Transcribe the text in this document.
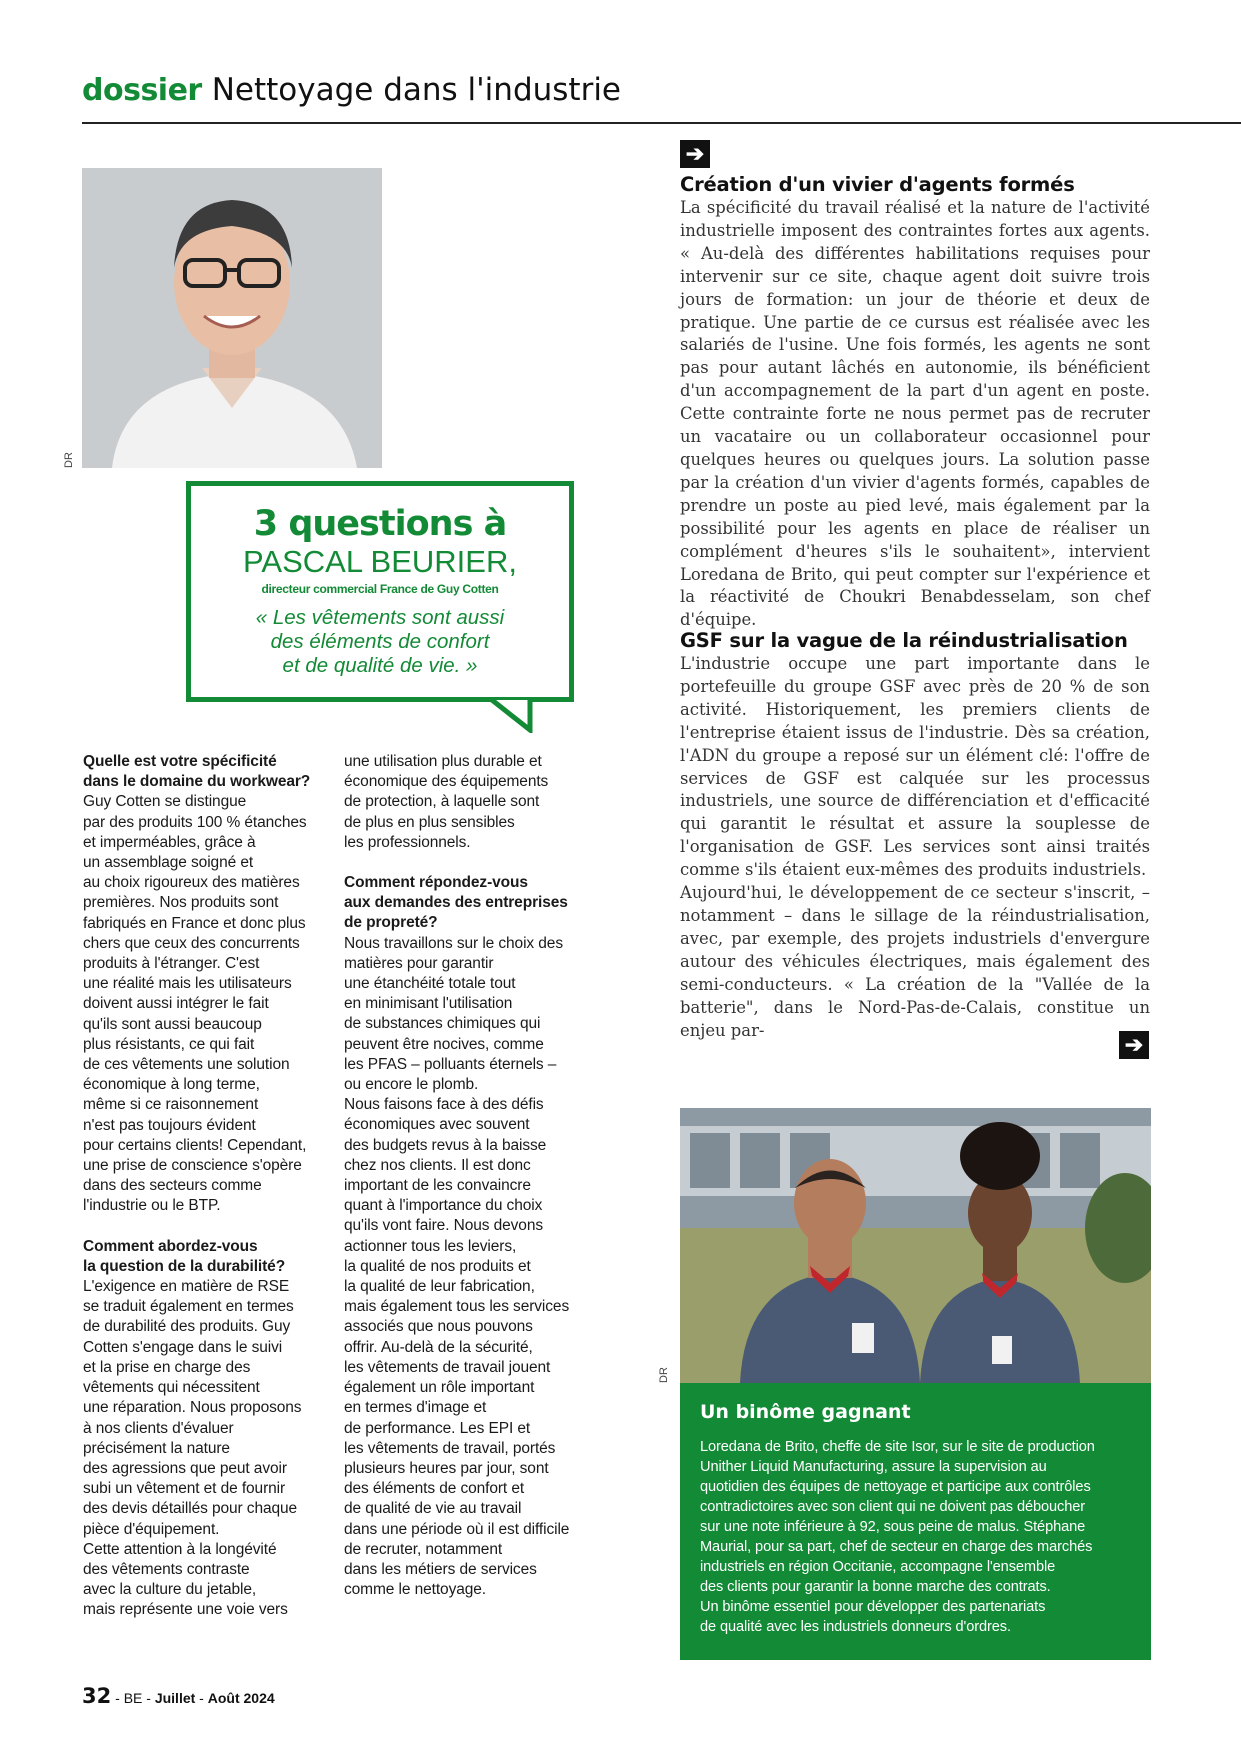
dossier Nettoyage dans l'industrie
DR
3 questions à
PASCAL BEURIER,
directeur commercial France de Guy Cotten
« Les vêtements sont aussi
des éléments de confort
et de qualité de vie. »

Quelle est votre spécificité

dans le domaine du workwear?

Guy Cotten se distingue

par des produits 100 % étanches

et imperméables, grâce à

un assemblage soigné et

au choix rigoureux des matières

premières. Nos produits sont

fabriqués en France et donc plus

chers que ceux des concurrents

produits à l'étranger. C'est

une réalité mais les utilisateurs

doivent aussi intégrer le fait

qu'ils sont aussi beaucoup

plus résistants, ce qui fait

de ces vêtements une solution

économique à long terme,

même si ce raisonnement

n'est pas toujours évident

pour certains clients! Cependant,

une prise de conscience s'opère

dans des secteurs comme

l'industrie ou le BTP.

Comment abordez-vous

la question de la durabilité?

L'exigence en matière de RSE

se traduit également en termes

de durabilité des produits. Guy

Cotten s'engage dans le suivi

et la prise en charge des

vêtements qui nécessitent

une réparation. Nous proposons

à nos clients d'évaluer

précisément la nature

des agressions que peut avoir

subi un vêtement et de fournir

des devis détaillés pour chaque

pièce d'équipement.

Cette attention à la longévité

des vêtements contraste

avec la culture du jetable,

mais représente une voie vers

une utilisation plus durable et

économique des équipements

de protection, à laquelle sont

de plus en plus sensibles

les professionnels.

Comment répondez-vous

aux demandes des entreprises

de propreté?

Nous travaillons sur le choix des

matières pour garantir

une étanchéité totale tout

en minimisant l'utilisation

de substances chimiques qui

peuvent être nocives, comme

les PFAS – polluants éternels –

ou encore le plomb.

Nous faisons face à des défis

économiques avec souvent

des budgets revus à la baisse

chez nos clients. Il est donc

important de les convaincre

quant à l'importance du choix

qu'ils vont faire. Nous devons

actionner tous les leviers,

la qualité de nos produits et

la qualité de leur fabrication,

mais également tous les services

associés que nous pouvons

offrir. Au-delà de la sécurité,

les vêtements de travail jouent

également un rôle important

en termes d'image et

de performance. Les EPI et

les vêtements de travail, portés

plusieurs heures par jour, sont

des éléments de confort et

de qualité de vie au travail

dans une période où il est difficile

de recruter, notamment

dans les métiers de services

comme le nettoyage.

➔
Création d'un vivier d'agents formés

La spécificité du travail réalisé et la nature de l'activité industrielle imposent des contraintes fortes aux agents. « Au-delà des différentes habilitations requises pour intervenir sur ce site, chaque agent doit suivre trois jours de formation: un jour de théorie et deux de pratique. Une partie de ce cursus est réalisée avec les salariés de l'usine. Une fois formés, les agents ne sont pas pour autant lâchés en autonomie, ils bénéficient d'un accompagnement de la part d'un agent en poste. Cette contrainte forte ne nous permet pas de recruter un vacataire ou un collaborateur occasionnel pour quelques heures ou quelques jours. La solution passe par la création d'un vivier d'agents formés, capables de prendre un poste au pied levé, mais également par la possibilité pour les agents en place de réaliser un complément d'heures s'ils le souhaitent», intervient Loredana de Brito, qui peut compter sur l'expérience et la réactivité de Choukri Benabdesselam, son chef d'équipe.

GSF sur la vague de la réindustrialisation

L'industrie occupe une part importante dans le portefeuille du groupe GSF avec près de 20 % de son activité. Historiquement, les premiers clients de l'entreprise étaient issus de l'industrie. Dès sa création, l'ADN du groupe a reposé sur un élément clé: l'offre de services de GSF est calquée sur les processus industriels, une source de différenciation et d'efficacité qui garantit le résultat et assure la souplesse de l'organisation de GSF. Les services sont ainsi traités comme s'ils étaient eux-mêmes des produits industriels.

Aujourd'hui, le développement de ce secteur s'inscrit, – notamment – dans le sillage de la réindustrialisation, avec, par exemple, des projets industriels d'envergure autour des véhicules électriques, mais également des semi-conducteurs. « La création de la "Vallée de la batterie", dans le Nord-Pas-de-Calais, constitue un enjeu par-

➔
DR
Un binôme gagnant
Loredana de Brito, cheffe de site Isor, sur le site de production
Unither Liquid Manufacturing, assure la supervision au
quotidien des équipes de nettoyage et participe aux contrôles
contradictoires avec son client qui ne doivent pas déboucher
sur une note inférieure à 92, sous peine de malus. Stéphane
Maurial, pour sa part, chef de secteur en charge des marchés
industriels en région Occitanie, accompagne l'ensemble
des clients pour garantir la bonne marche des contrats.
Un binôme essentiel pour développer des partenariats
de qualité avec les industriels donneurs d'ordres.
32 - BE - Juillet - Août 2024
